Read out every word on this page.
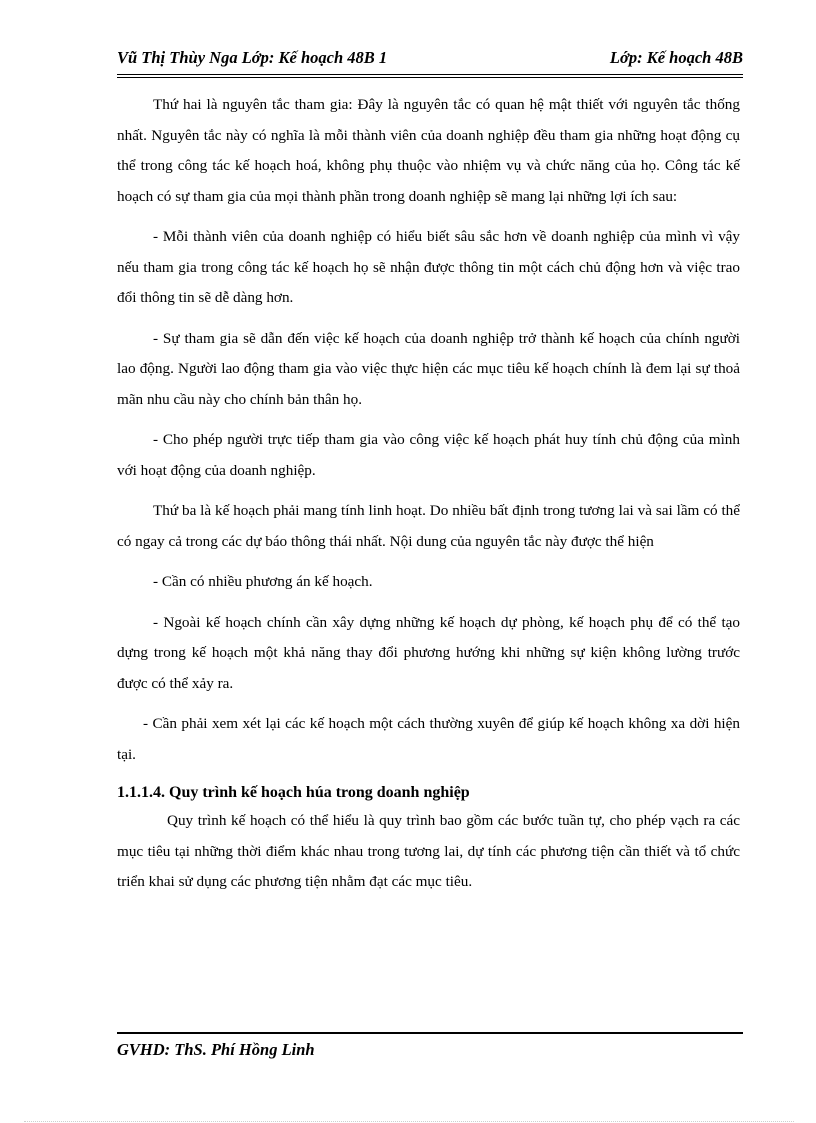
Vũ Thị Thùy Nga Lớp: Kế hoạch 48B 1	Lớp: Kế hoạch 48B

Thứ hai là nguyên tắc tham gia: Đây là nguyên tắc có quan hệ mật thiết với nguyên tắc thống nhất. Nguyên tắc này có nghĩa là mỗi thành viên của doanh nghiệp đều tham gia những hoạt động cụ thể trong công tác kế hoạch hoá, không phụ thuộc vào nhiệm vụ và chức năng của họ. Công tác kế hoạch có sự tham gia của mọi thành phần trong doanh nghiệp sẽ mang lại những lợi ích sau:

- Mỗi thành viên của doanh nghiệp có hiểu biết sâu sắc hơn về doanh nghiệp của mình vì vậy nếu tham gia trong công tác kế hoạch họ sẽ nhận được thông tin một cách chủ động hơn và việc trao đổi thông tin sẽ dễ dàng hơn.

- Sự tham gia sẽ dẫn đến việc kế hoạch của doanh nghiệp trở thành kế hoạch của chính người lao động. Người lao động tham gia vào việc thực hiện các mục tiêu kế hoạch chính là đem lại sự thoả mãn nhu cầu này cho chính bản thân họ.

- Cho phép người trực tiếp tham gia vào công việc kế hoạch phát huy tính chủ động của mình với hoạt động của doanh nghiệp.

Thứ ba là kế hoạch phải mang tính linh hoạt. Do nhiều bất định trong tương lai và sai lầm có thể có ngay cả trong các dự báo thông thái nhất. Nội dung của nguyên tắc này được thể hiện

- Cần có nhiều phương án kế hoạch.

- Ngoài kế hoạch chính cần xây dựng những kế hoạch dự phòng, kế hoạch phụ để có thể tạo dựng trong kế hoạch một khả năng thay đổi phương hướng khi những sự kiện không lường trước được có thể xảy ra.

- Cần phải xem xét lại các kế hoạch một cách thường xuyên để giúp kế hoạch không xa dời hiện tại.

1.1.1.4. Quy trình kế hoạch húa trong doanh nghiệp

Quy trình kế hoạch có thể hiểu là quy trình bao gồm các bước tuần tự, cho phép vạch ra các mục tiêu tại những thời điểm khác nhau trong tương lai, dự tính các phương tiện cần thiết và tổ chức triển khai sử dụng các phương tiện nhằm đạt các mục tiêu.

GVHD: ThS. Phí Hồng Linh
